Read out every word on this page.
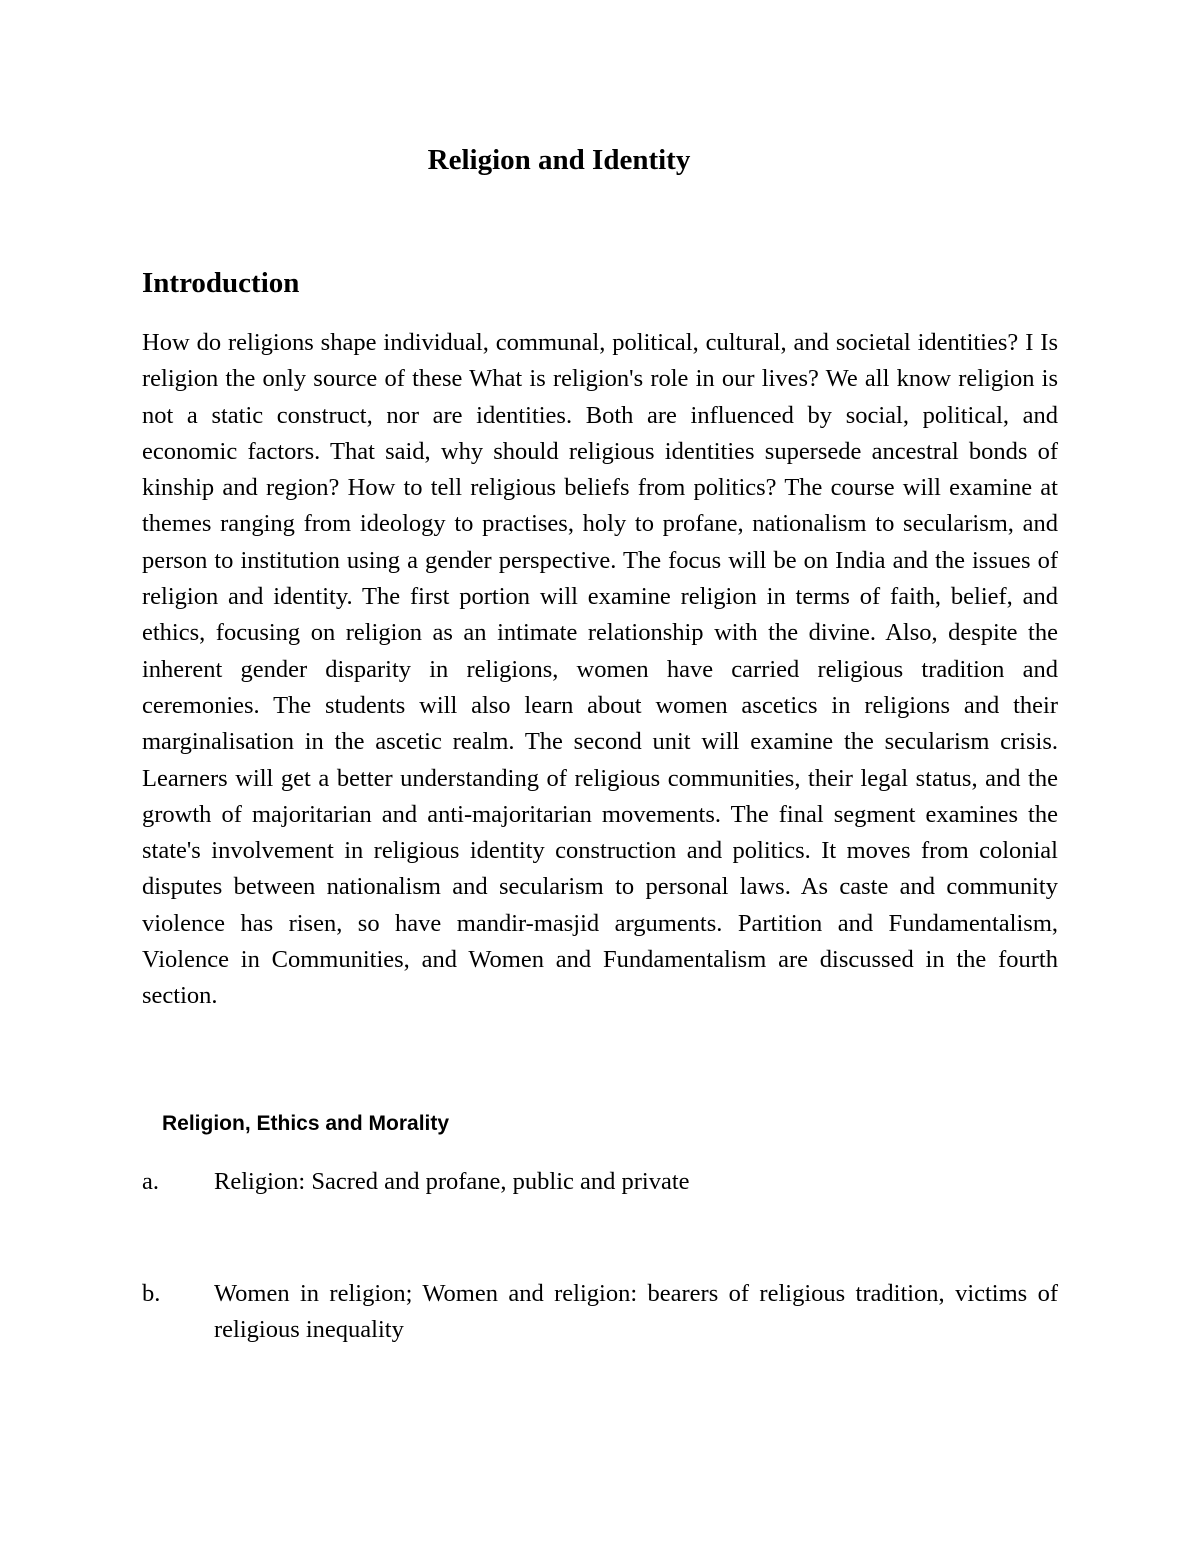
Religion and Identity
Introduction

How do religions shape individual, communal, political, cultural, and societal identities? I Is religion the only source of these What is religion's role in our lives? We all know religion is not a static construct, nor are identities. Both are influenced by social, political, and economic factors. That said, why should religious identities supersede ancestral bonds of kinship and region? How to tell religious beliefs from politics? The course will examine at themes ranging from ideology to practises, holy to profane, nationalism to secularism, and person to institution using a gender perspective. The focus will be on India and the issues of religion and identity. The first portion will examine religion in terms of faith, belief, and ethics, focusing on religion as an intimate relationship with the divine. Also, despite the inherent gender disparity in religions, women have carried religious tradition and ceremonies. The students will also learn about women ascetics in religions and their marginalisation in the ascetic realm. The second unit will examine the secularism crisis. Learners will get a better understanding of religious communities, their legal status, and the growth of majoritarian and anti-majoritarian movements. The final segment examines the state's involvement in religious identity construction and politics. It moves from colonial disputes between nationalism and secularism to personal laws. As caste and community violence has risen, so have mandir-masjid arguments. Partition and Fundamentalism, Violence in Communities, and Women and Fundamentalism are discussed in the fourth section.

Religion, Ethics and Morality
a. Religion: Sacred and profane, public and private
b. Women in religion; Women and religion: bearers of religious tradition, victims of religious inequality
